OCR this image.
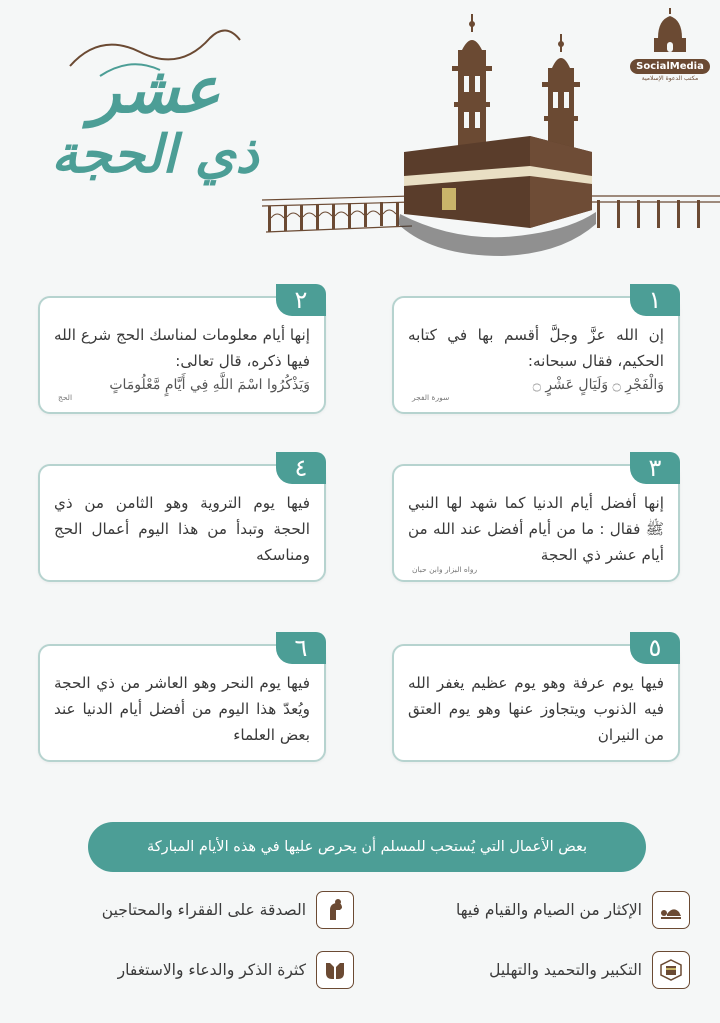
SocialMedia
مكتب الدعوة الإسلامية
عشر
ذي الحجة
١
إن الله عزَّ وجلَّ أقسم بها في كتابه الحكيم، فقال سبحانه:
وَالْفَجْرِ ۝ وَلَيَالٍ عَشْرٍ ۝
سورة الفجر
٢
إنها أيام معلومات لمناسك الحج شرع الله فيها ذكره، قال تعالى:
وَيَذْكُرُوا اسْمَ اللَّهِ فِي أَيَّامٍ مَّعْلُومَاتٍ
الحج
٣
إنها أفضل أيام الدنيا كما شهد لها النبي ﷺ فقال : ما من أيام أفضل عند الله من أيام عشر ذي الحجة
رواه البزار وابن حبان
٤
فيها يوم التروية وهو الثامن من ذي الحجة وتبدأ من هذا اليوم أعمال الحج ومناسكه
٥
فيها يوم عرفة وهو يوم عظيم يغفر الله فيه الذنوب ويتجاوز عنها وهو يوم العتق من النيران
٦
فيها يوم النحر وهو العاشر من ذي الحجة ويُعدّ هذا اليوم من أفضل أيام الدنيا عند بعض العلماء
بعض الأعمال التي يُستحب للمسلم أن يحرص عليها في هذه الأيام المباركة
الإكثار من الصيام والقيام فيها
الصدقة على الفقراء والمحتاجين
التكبير والتحميد والتهليل
كثرة الذكر والدعاء والاستغفار
